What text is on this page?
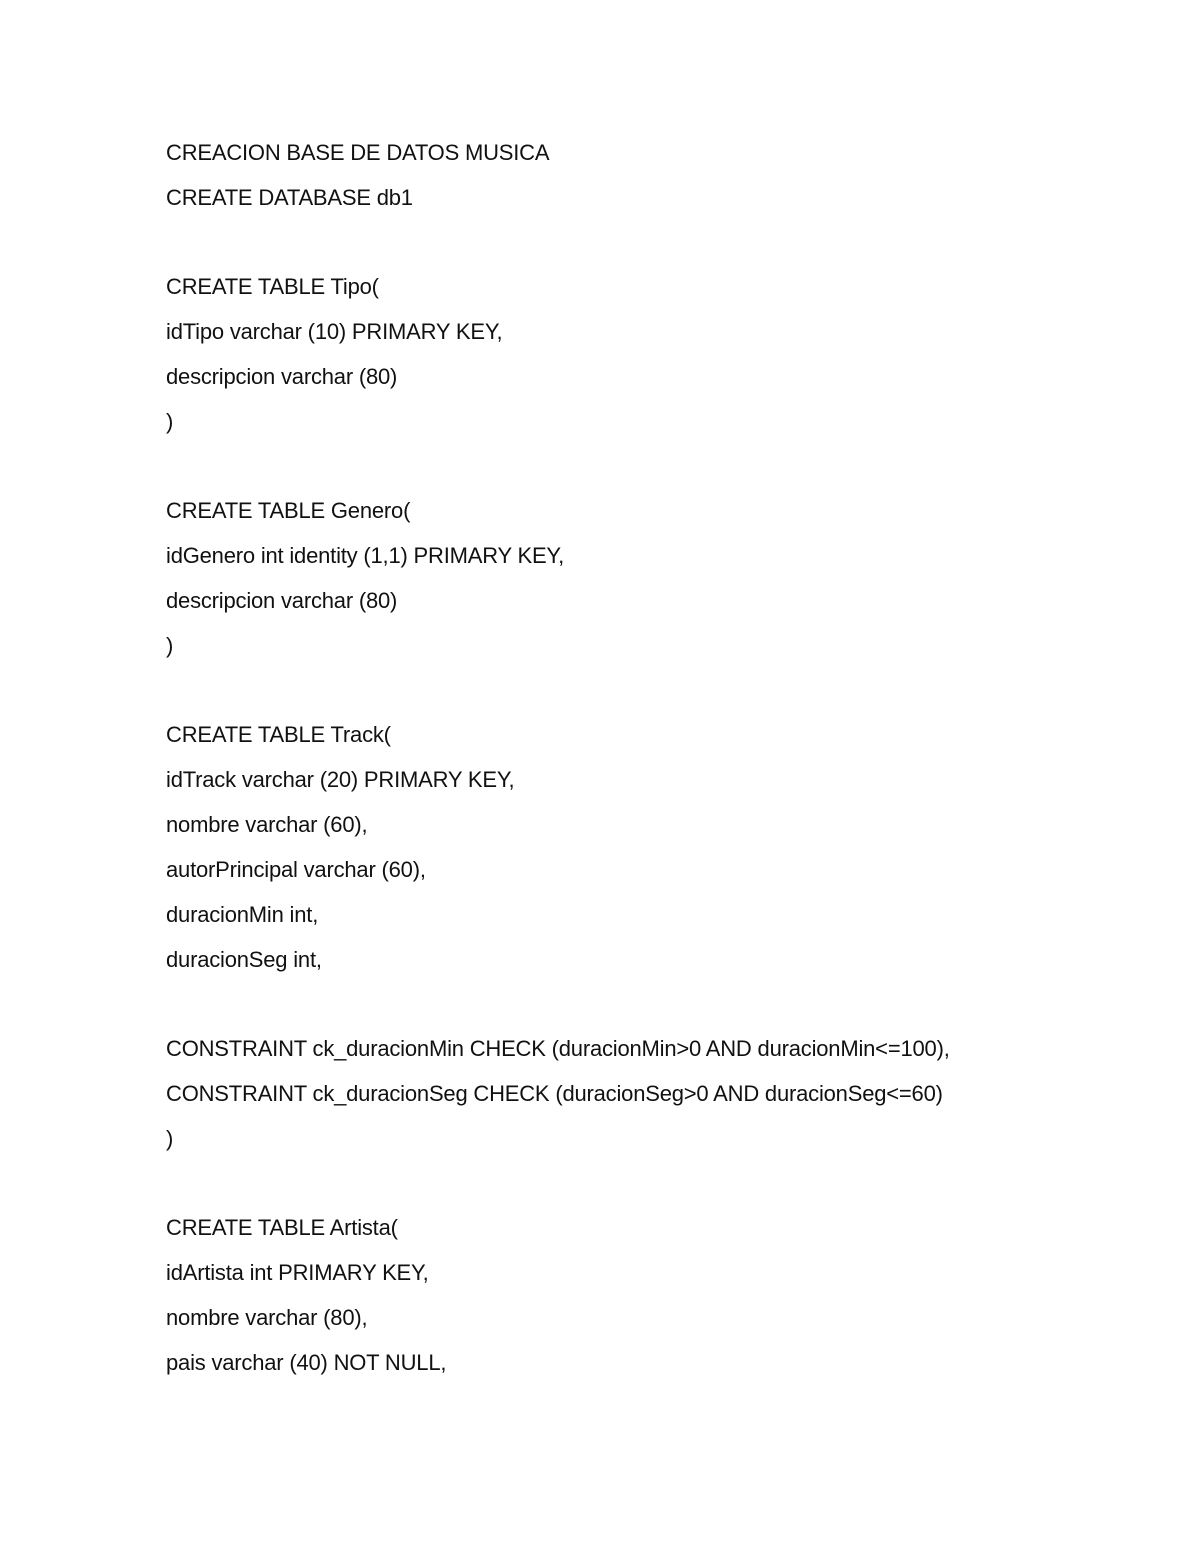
CREACION BASE DE DATOS MUSICA
CREATE DATABASE db1
CREATE TABLE Tipo(
idTipo varchar (10) PRIMARY KEY,
descripcion varchar (80)
)
CREATE TABLE Genero(
idGenero int identity (1,1) PRIMARY KEY,
descripcion varchar (80)
)
CREATE TABLE Track(
idTrack varchar (20) PRIMARY KEY,
nombre varchar (60),
autorPrincipal varchar (60),
duracionMin int,
duracionSeg int,
CONSTRAINT ck_duracionMin CHECK (duracionMin>0 AND duracionMin<=100),
CONSTRAINT ck_duracionSeg CHECK (duracionSeg>0 AND duracionSeg<=60)
)
CREATE TABLE Artista(
idArtista int PRIMARY KEY,
nombre varchar (80),
pais varchar (40) NOT NULL,
